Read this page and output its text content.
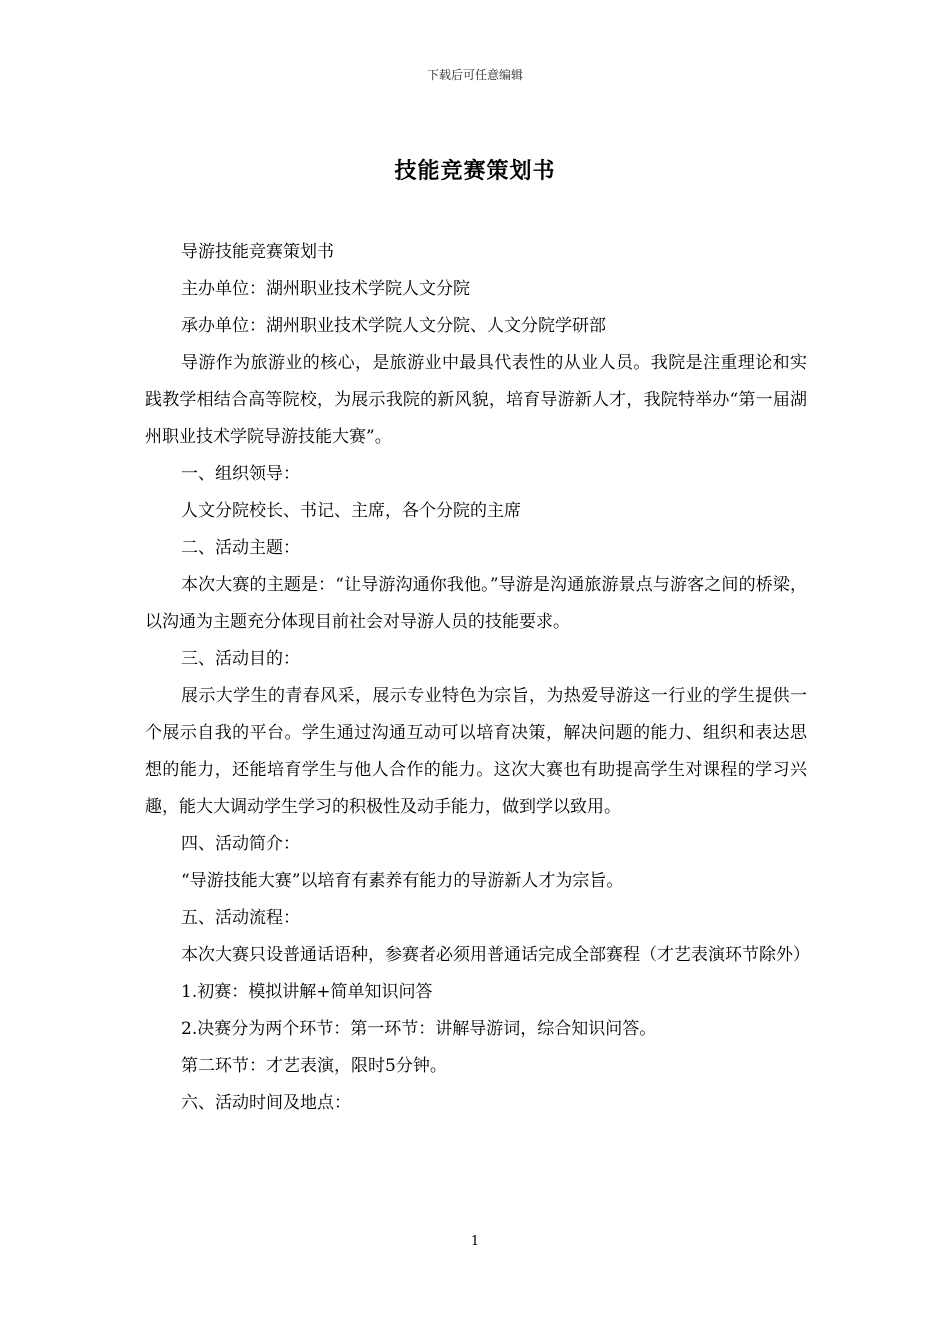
下载后可任意编辑
技能竞赛策划书

导游技能竞赛策划书

主办单位：湖州职业技术学院人文分院

承办单位：湖州职业技术学院人文分院、人文分院学研部

导游作为旅游业的核心，是旅游业中最具代表性的从业人员。我院是注重理论和实践教学相结合高等院校，为展示我院的新风貌，培育导游新人才，我院特举办“第一届湖州职业技术学院导游技能大赛”。

一、组织领导：

人文分院校长、书记、主席，各个分院的主席

二、活动主题：

本次大赛的主题是：“让导游沟通你我他。”导游是沟通旅游景点与游客之间的桥梁，以沟通为主题充分体现目前社会对导游人员的技能要求。

三、活动目的：

展示大学生的青春风采，展示专业特色为宗旨，为热爱导游这一行业的学生提供一个展示自我的平台。学生通过沟通互动可以培育决策，解决问题的能力、组织和表达思想的能力，还能培育学生与他人合作的能力。这次大赛也有助提高学生对课程的学习兴趣，能大大调动学生学习的积极性及动手能力，做到学以致用。

四、活动简介：

“导游技能大赛”以培育有素养有能力的导游新人才为宗旨。

五、活动流程：

本次大赛只设普通话语种，参赛者必须用普通话完成全部赛程（才艺表演环节除外）

1.初赛：模拟讲解+简单知识问答

2.决赛分为两个环节：第一环节：讲解导游词，综合知识问答。

第二环节：才艺表演，限时5分钟。

六、活动时间及地点：

1
